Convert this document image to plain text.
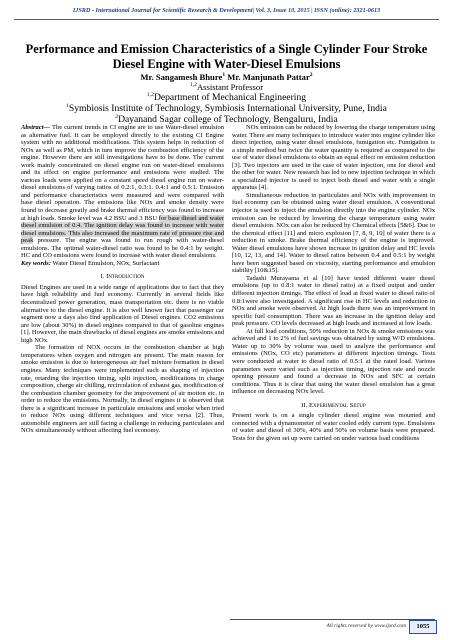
IJSRD - International Journal for Scientific Research & Development| Vol. 3, Issue 10, 2015 | ISSN (online): 2321-0613
Performance and Emission Characteristics of a Single Cylinder Four Stroke Diesel Engine with Water-Diesel Emulsions
Mr. Sangamesh Bhure$^1$ Mr. Manjunath Pattar$^2$
$^{1,2}$Assistant Professor
$^{1,2}$Department of Mechanical Engineering
$^1$Symbiosis Institute of Technology, Symbiosis International University, Pune, India
$^2$Dayanand Sagar college of Technology, Bengaluru, India

Abstract— The current trends in CI engine are to use Water-diesel emulsion as alternative fuel. It can be employed directly to the existing CI Engine system with no additional modifications. This system helps in reduction of NOx as well as PM, which in turn improve the combustion efficiency of the engine. However there are still investigations have to be done. The current work mainly concentrated on diesel engine run on water-diesel emulsions and its effect on engine performance and emissions were studied. The various loads were applied on a constant speed diesel engine run on water-diesel emulsions of varying ratios of 0.2:1, 0.3:1. 0.4:1 and 0.5:1. Emission and performance characteristics were measured and were compared with base diesel operation. The emissions like NOx and smoke density were found to decrease greatly and brake thermal efficiency was found to increase at high loads. Smoke level was 4.2 BSU and 3 BSU for base diesel and water diesel emulsion of 0.4. The ignition delay was found to increase with water diesel emulsions. This also increased the maximum rate of pressure rise and peak pressure. The engine was found to run rough with water-diesel emulsions. The optimal water-diesel ratio was found to be 0.4:1 by weight. HC and CO emissions were found to increase with water diesel emulsions.

Key words: Water Diesel Emulsion, NOx, Surfactant

I. Introduction

Diesel Engines are used in a wide range of applications due to fact that they have high reliability and fuel economy. Currently in several fields like decentralized power generation, mass transportation etc. there is no viable alternative to the diesel engine. It is also well known fact that passenger car segment now a days also find application of Diesel engines. CO2 emissions are low (about 30%) in diesel engines compared to that of gasoline engines [1]. However, the main drawbacks of diesel engines are smoke emissions and high NOx.

The formation of NOX occurs in the combustion chamber at high temperatures when oxygen and nitrogen are present. The main reason for smoke emission is due to heterogeneous air fuel mixture formation in diesel engines. Many techniques were implemented such as shaping of injection rate, retarding the injection timing, split injection, modifications in charge composition, charge air chilling, recirculation of exhaust gas, modification of the combustion chamber geometry for the improvement of air motion etc. in order to reduce the emissions. Normally, in diesel engines it is observed that there is a significant increase in particulate emissions and smoke when tried to reduce NOx using different techniques and vice versa [2]. Thus, automobile engineers are still facing a challenge in reducing particulates and NOx simultaneously without affecting fuel economy.

NOx emission can be reduced by lowering the charge temperature using water. There are many techniques to introduce water into engine cylinder like direct injection, using water diesel emulsions, fumigation etc. Fumigation is a simple method but twice the water quantity is required as compared to the use of water diesel emulsions to obtain an equal effect on emission reduction [3]. Two injectors are used in the case of water injection, one for diesel and the other for water. New research has led to new injection technique in which a specialized injector is used to inject both diesel and water with a single apparatus [4].

Simultaneous reduction in particulates and NOx with improvement in fuel economy can be obtained using water diesel emulsion. A conventional injector is used to inject the emulsion directly into the engine cylinder. NOx emission can be reduced by lowering the charge temperature using water diesel emulsion. NOx can also be reduced by Chemical effects [5&6]. Due to the chemical effect [11] and micro explosion [7, 8, 9, 10] of water there is a reduction in smoke. Brake thermal efficiency of the engine is improved. Water diesel emulsions have shown increase in ignition delay and HC levels [10, 12, 13, and 14]. Water to diesel ratios between 0.4 and 0.5:1 by weight have been suggested based on viscosity, starting performance and emulsion stability [10&15].

Tadashi Murayama et al [10] have tested different water diesel emulsions (up to 0.8:1 water to diesel ratio) at a fixed output and under different injection timings. The effect of load at fixed water to diesel ratio of 0.8:1were also investigated. A significant rise in HC levels and reduction in NOx and smoke were observed. At high loads there was an improvement in specific fuel consumption. There was an increase in the ignition delay and peak pressure. CO levels decreased at high loads and increased at low loads.

At full load conditions, 50% reduction in NOx & smoke emissions was achieved and 1 to 2% of fuel savings was obtained by using W/D emulsions. Water up to 30% by volume was used to analyze the performance and emissions (NOx, CO etc) parameters at different injection timings. Tests were conducted at water to diesel ratio of 0.5:1 at the rated load. Various parameters were varied such as injection timing, injection rate and nozzle opening pressure and found a decrease in NOx and SFC at certain conditions. Thus it is clear that using the water diesel emulsion has a great influence on decreasing NOx level.

II. Experimental Setup

Present work is on a single cylinder diesel engine was mounted and connected with a dynamometer of water cooled eddy current type. Emulsions of water and diesel of 30%, 40% and 50% on volume basis were prepared. Tests for the given set up were carried on under various load conditions

All rights reserved by www.ijsrd.com	1055
